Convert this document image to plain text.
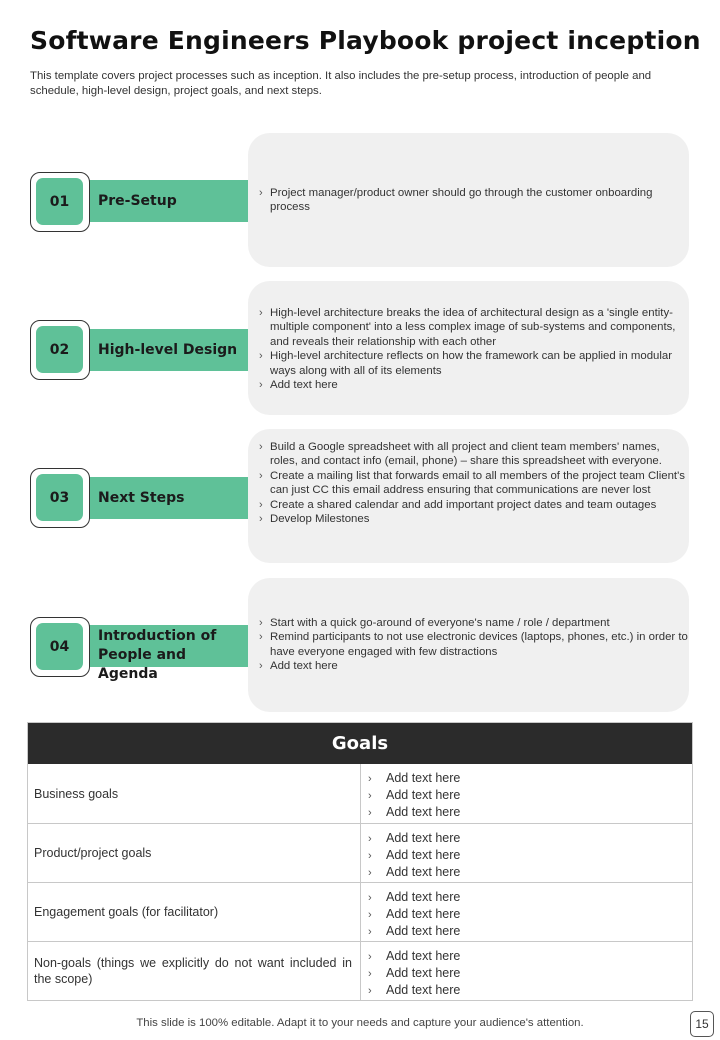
Software Engineers Playbook project inception
This template covers project processes such as inception. It also includes the pre-setup process, introduction of people and schedule, high-level design, project goals, and next steps.
01	Pre-Setup	› Project manager/product owner should go through the customer onboarding process
02	High-level Design
› High-level architecture breaks the idea of architectural design as a 'single entity-multiple component' into a less complex image of sub-systems and components, and reveals their relationship with each other
› High-level architecture reflects on how the framework can be applied in modular ways along with all of its elements
› Add text here
03	Next Steps
› Build a Google spreadsheet with all project and client team members' names, roles, and contact info (email, phone) – share this spreadsheet with everyone.
› Create a mailing list that forwards email to all members of the project team Client's can just CC this email address ensuring that communications are never lost
› Create a shared calendar and add important project dates and team outages
› Develop Milestones
04
Introduction of People and Agenda
› Start with a quick go-around of everyone's name / role / department
› Remind participants to not use electronic devices (laptops, phones, etc.) in order to have everyone engaged with few distractions
› Add text here
Goals
Business goals
› Add text here
› Add text here
› Add text here
Product/project goals
› Add text here
› Add text here
› Add text here
Engagement goals (for facilitator)
› Add text here
› Add text here
› Add text here
Non-goals (things we explicitly do not want included in the scope)
› Add text here
› Add text here
› Add text here
This slide is 100% editable. Adapt it to your needs and capture your audience's attention.	15
